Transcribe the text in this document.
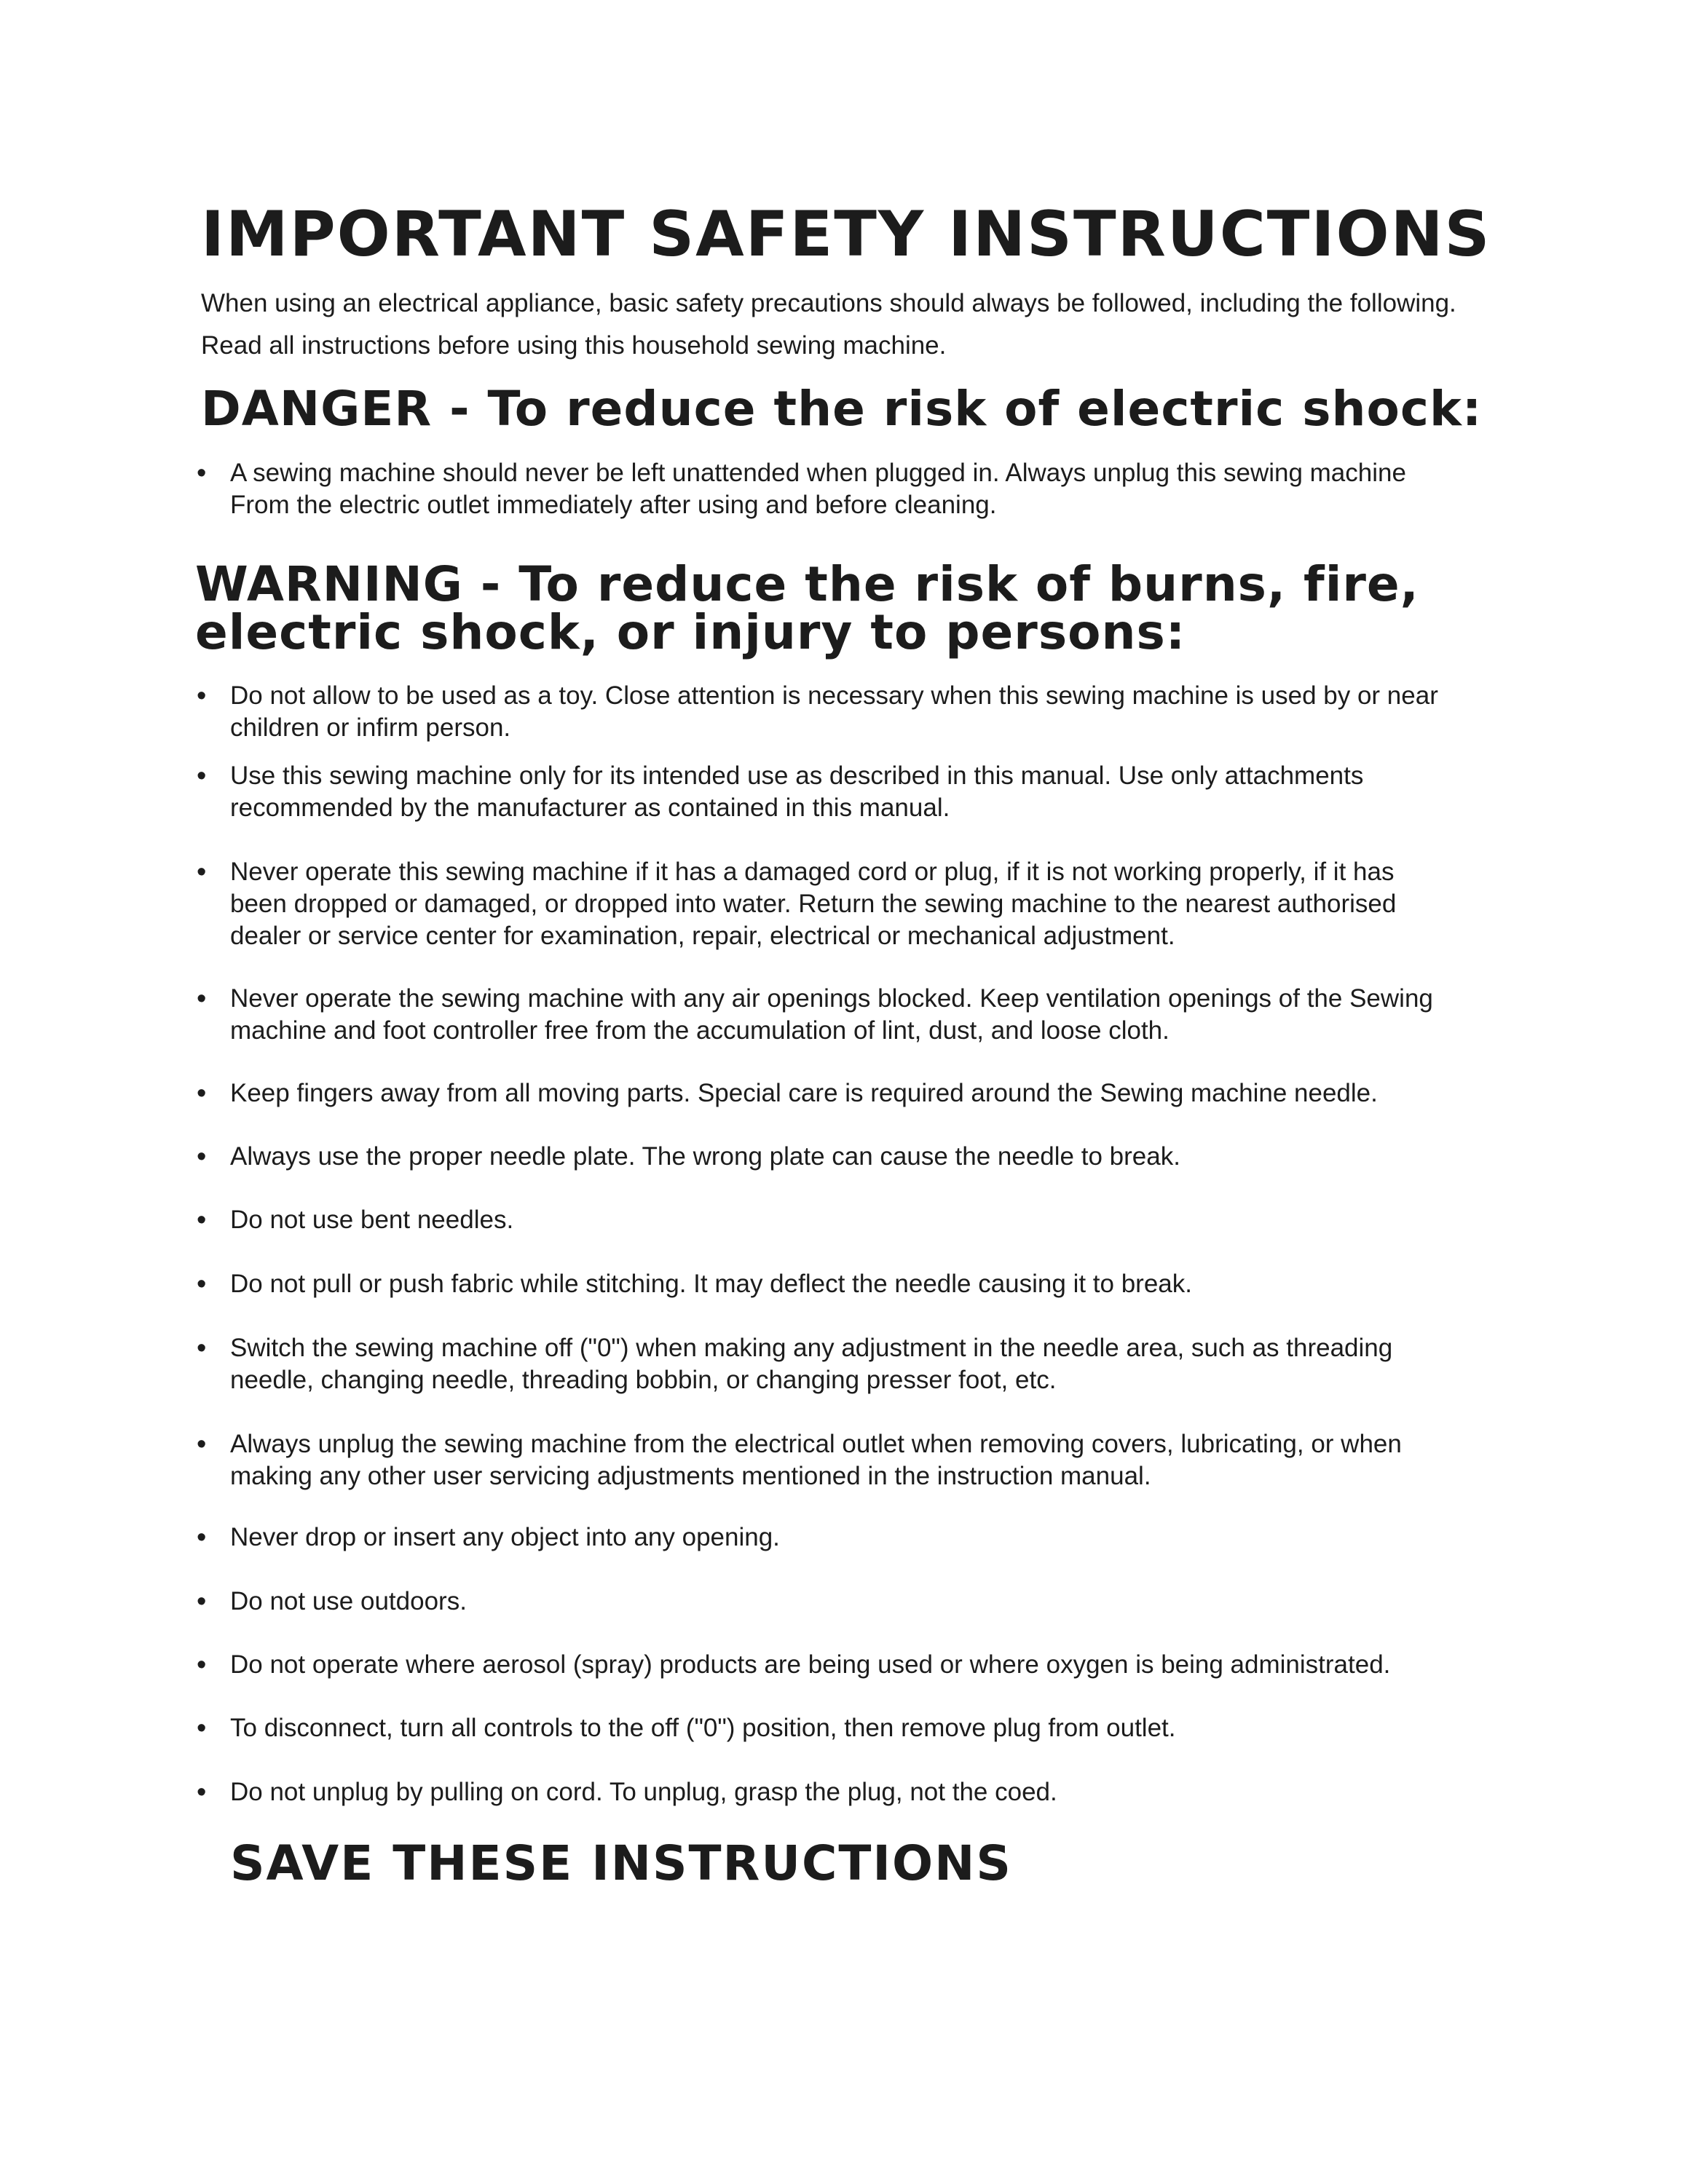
IMPORTANT SAFETY INSTRUCTIONS
When using an electrical appliance, basic safety precautions should always be followed, including the following.
Read all instructions before using this household sewing machine.
DANGER - To reduce the risk of electric shock:
• A sewing machine should never be left unattended when plugged in. Always unplug this sewing machine From the electric outlet immediately after using and before cleaning.
WARNING - To reduce the risk of burns, fire,
electric shock, or injury to persons:
• Do not allow to be used as a toy. Close attention is necessary when this sewing machine is used by or near children or infirm person.
• Use this sewing machine only for its intended use as described in this manual. Use only attachments recommended by the manufacturer as contained in this manual.
• Never operate this sewing machine if it has a damaged cord or plug, if it is not working properly, if it has been dropped or damaged, or dropped into water. Return the sewing machine to the nearest authorised dealer or service center for examination, repair, electrical or mechanical adjustment.
• Never operate the sewing machine with any air openings blocked. Keep ventilation openings of the Sewing machine and foot controller free from the accumulation of lint, dust, and loose cloth.
• Keep fingers away from all moving parts. Special care is required around the Sewing machine needle.
• Always use the proper needle plate. The wrong plate can cause the needle to break.
• Do not use bent needles.
• Do not pull or push fabric while stitching. It may deflect the needle causing it to break.
• Switch the sewing machine off ("0") when making any adjustment in the needle area, such as threading needle, changing needle, threading bobbin, or changing presser foot, etc.
• Always unplug the sewing machine from the electrical outlet when removing covers, lubricating, or when making any other user servicing adjustments mentioned in the instruction manual.
• Never drop or insert any object into any opening.
• Do not use outdoors.
• Do not operate where aerosol (spray) products are being used or where oxygen is being administrated.
• To disconnect, turn all controls to the off ("0") position, then remove plug from outlet.
• Do not unplug by pulling on cord. To unplug, grasp the plug, not the coed.
SAVE THESE INSTRUCTIONS
